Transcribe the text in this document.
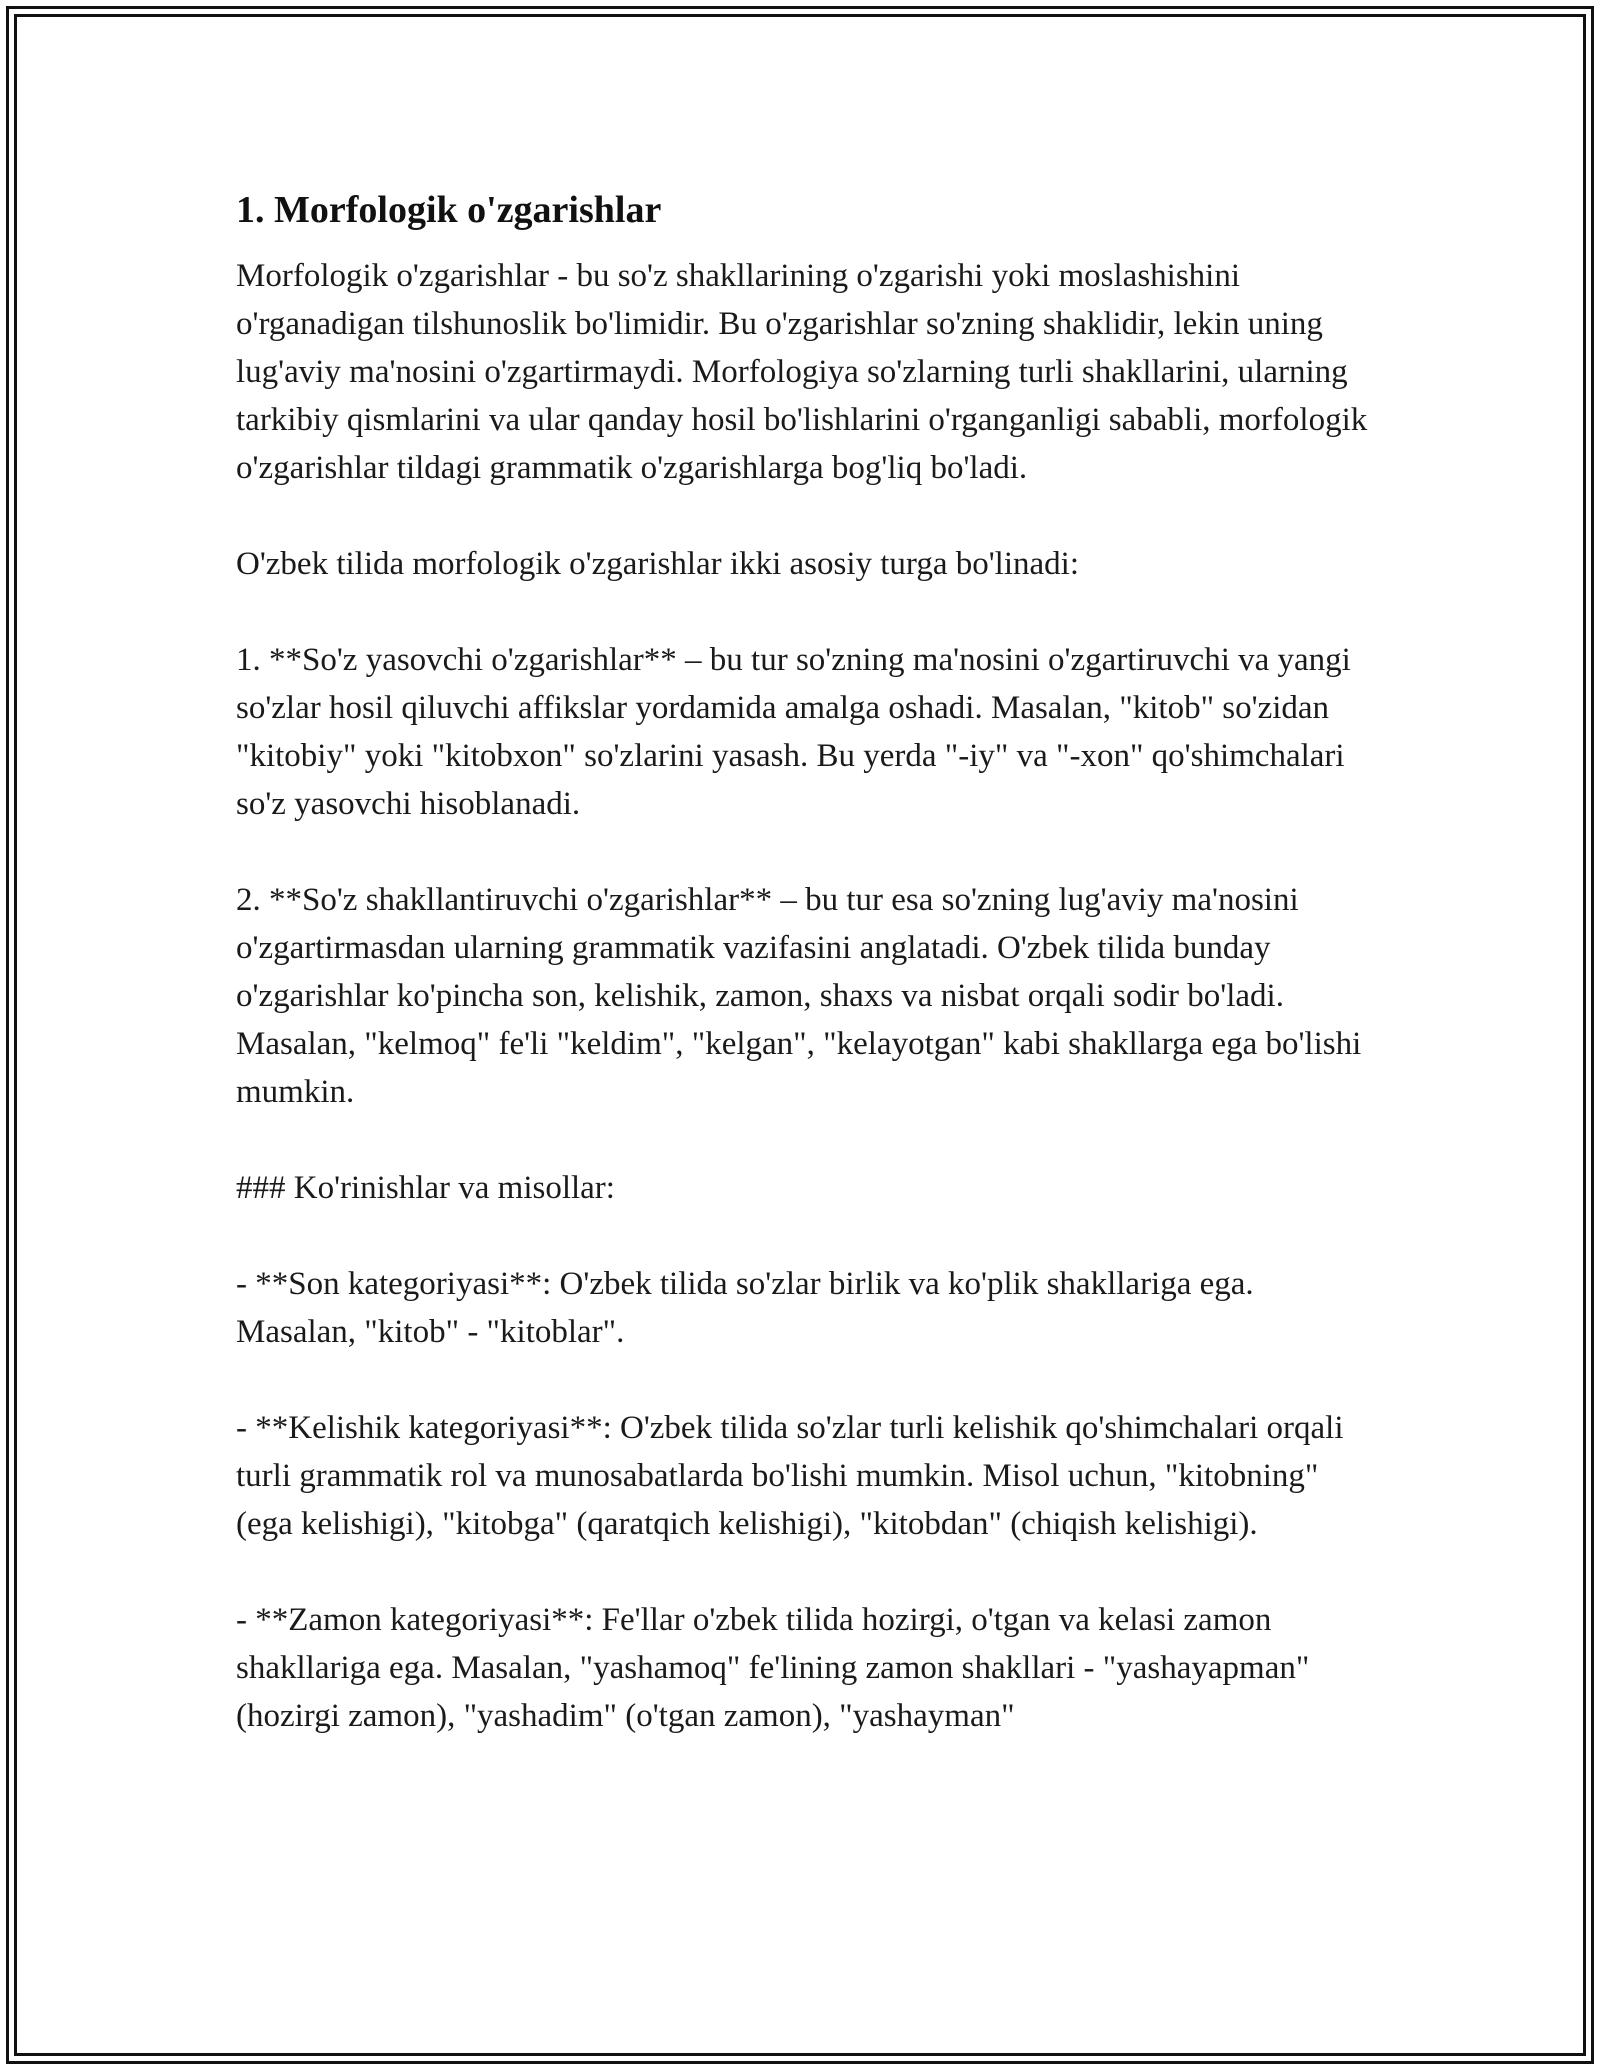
1. Morfologik o'zgarishlar

Morfologik o'zgarishlar - bu so'z shakllarining o'zgarishi yoki moslashishini o'rganadigan tilshunoslik bo'limidir. Bu o'zgarishlar so'zning shaklidir, lekin uning lug'aviy ma'nosini o'zgartirmaydi. Morfologiya so'zlarning turli shakllarini, ularning tarkibiy qismlarini va ular qanday hosil bo'lishlarini o'rganganligi sababli, morfologik o'zgarishlar tildagi grammatik o'zgarishlarga bog'liq bo'ladi.

O'zbek tilida morfologik o'zgarishlar ikki asosiy turga bo'linadi:

1. **So'z yasovchi o'zgarishlar** – bu tur so'zning ma'nosini o'zgartiruvchi va yangi so'zlar hosil qiluvchi affikslar yordamida amalga oshadi. Masalan, "kitob" so'zidan "kitobiy" yoki "kitobxon" so'zlarini yasash. Bu yerda "-iy" va "-xon" qo'shimchalari so'z yasovchi hisoblanadi.

2. **So'z shakllantiruvchi o'zgarishlar** – bu tur esa so'zning lug'aviy ma'nosini o'zgartirmasdan ularning grammatik vazifasini anglatadi. O'zbek tilida bunday o'zgarishlar ko'pincha son, kelishik, zamon, shaxs va nisbat orqali sodir bo'ladi. Masalan, "kelmoq" fe'li "keldim", "kelgan", "kelayotgan" kabi shakllarga ega bo'lishi mumkin.

### Ko'rinishlar va misollar:

- **Son kategoriyasi**: O'zbek tilida so'zlar birlik va ko'plik shakllariga ega. Masalan, "kitob" - "kitoblar".

- **Kelishik kategoriyasi**: O'zbek tilida so'zlar turli kelishik qo'shimchalari orqali turli grammatik rol va munosabatlarda bo'lishi mumkin. Misol uchun, "kitobning" (ega kelishigi), "kitobga" (qaratqich kelishigi), "kitobdan" (chiqish kelishigi).

- **Zamon kategoriyasi**: Fe'llar o'zbek tilida hozirgi, o'tgan va kelasi zamon shakllariga ega. Masalan, "yashamoq" fe'lining zamon shakllari - "yashayapman" (hozirgi zamon), "yashadim" (o'tgan zamon), "yashayman"
